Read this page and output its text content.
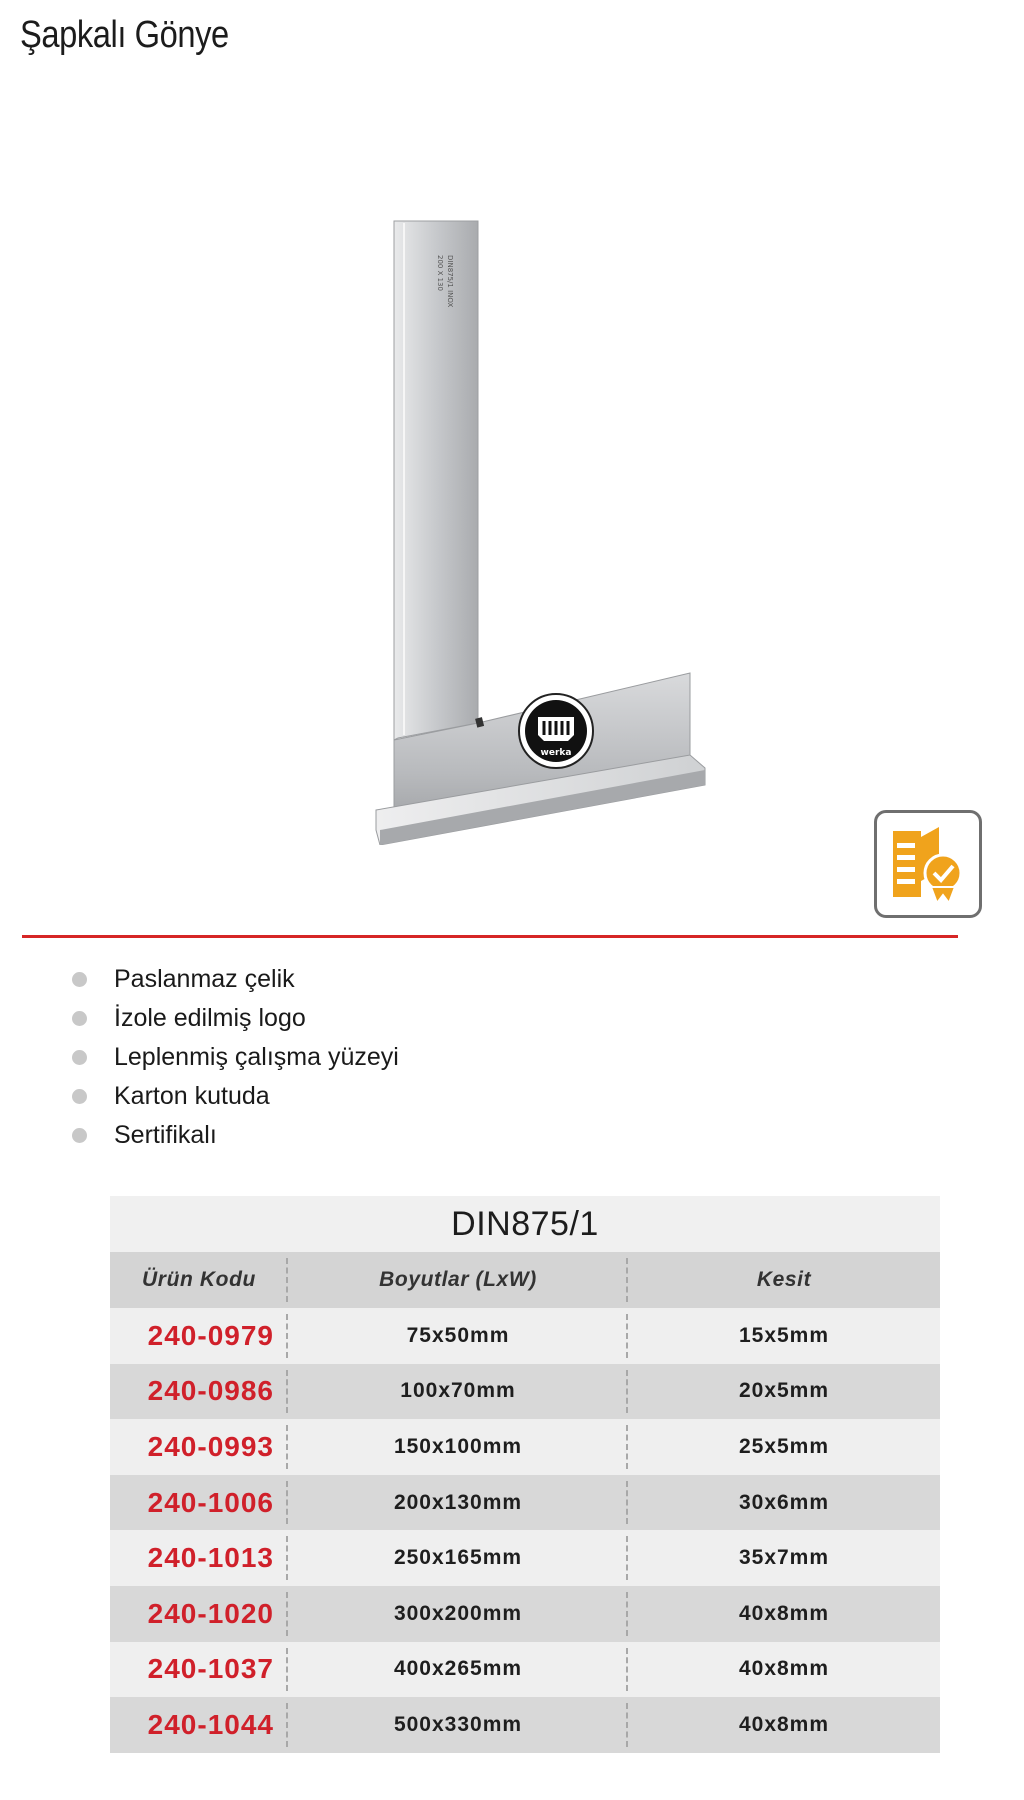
Şapkalı Gönye
200 X 130 DIN875/1 INOX
werka
Paslanmaz çelik
İzole edilmiş logo
Leplenmiş çalışma yüzeyi
Karton kutuda
Sertifikalı
DIN875/1
Ürün Kodu	Boyutlar (LxW)	Kesit
240-0979	75x50mm	15x5mm
240-0986	100x70mm	20x5mm
240-0993	150x100mm	25x5mm
240-1006	200x130mm	30x6mm
240-1013	250x165mm	35x7mm
240-1020	300x200mm	40x8mm
240-1037	400x265mm	40x8mm
240-1044	500x330mm	40x8mm
